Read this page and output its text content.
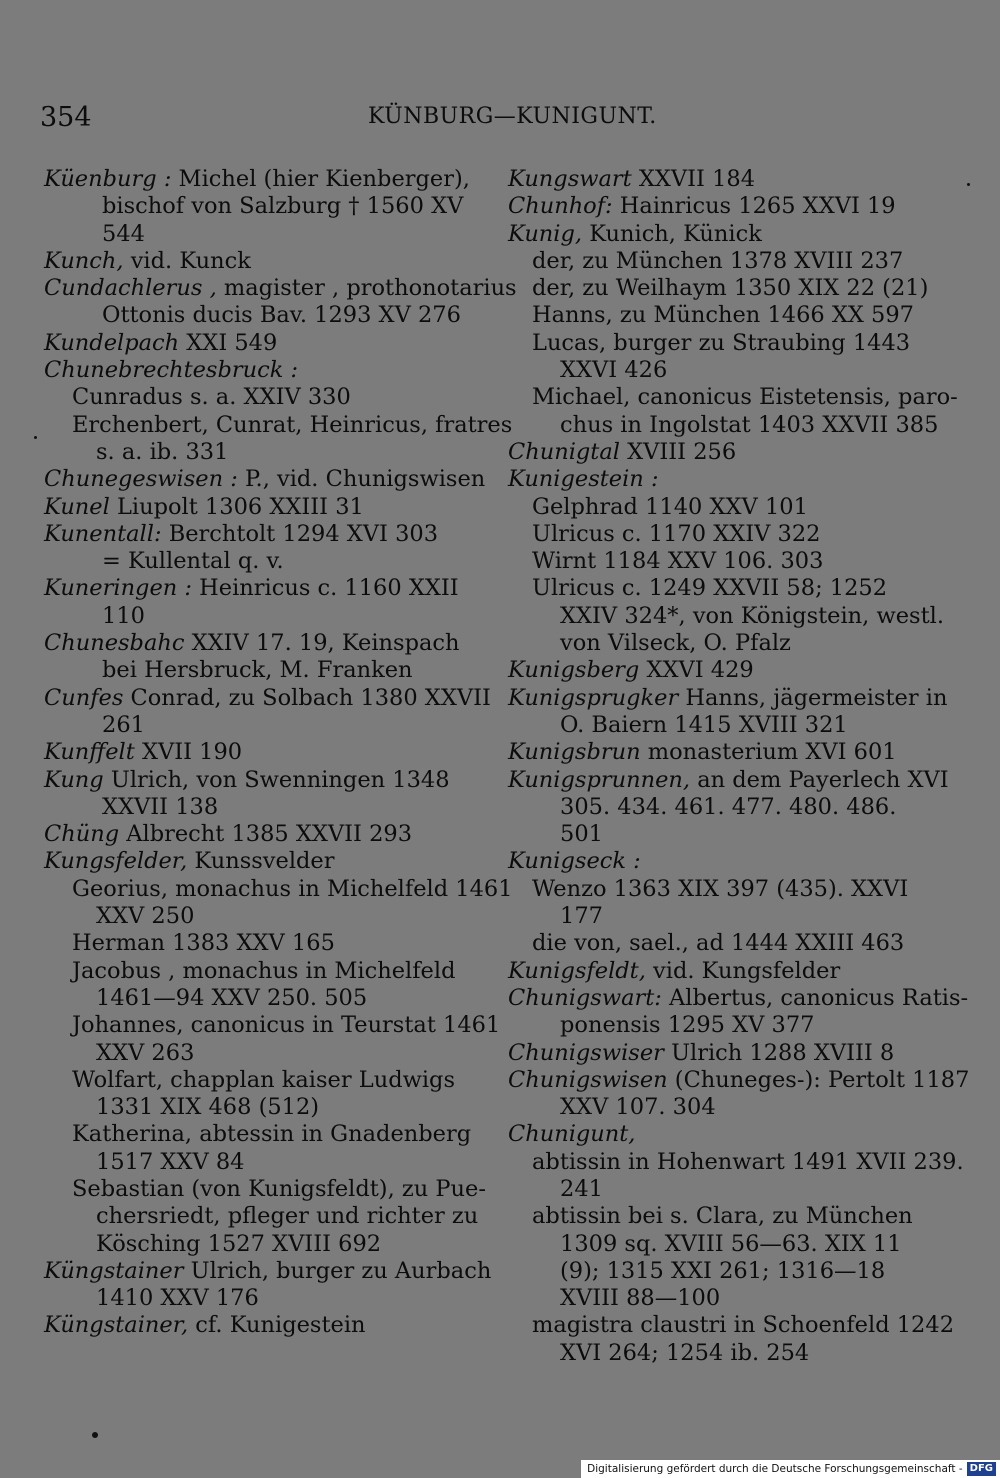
354	KÜNBURG—KUNIGUNT.
Küenburg : Michel (hier Kienberger),
bischof von Salzburg † 1560 XV
544
Kunch, vid. Kunck
Cundachlerus , magister , prothonotarius
Ottonis ducis Bav. 1293 XV 276
Kundelpach XXI 549
Chunebrechtesbruck :
Cunradus s. a. XXIV 330
Erchenbert, Cunrat, Heinricus, fratres
s. a. ib. 331
Chunegeswisen : P., vid. Chunigswisen
Kunel Liupolt 1306 XXIII 31
Kunentall: Berchtolt 1294 XVI 303
= Kullental q. v.
Kuneringen : Heinricus c. 1160 XXII
110
Chunesbahc XXIV 17. 19, Keinspach
bei Hersbruck, M. Franken
Cunfes Conrad, zu Solbach 1380 XXVII
261
Kunffelt XVII 190
Kung Ulrich, von Swenningen 1348
XXVII 138
Chüng Albrecht 1385 XXVII 293
Kungsfelder, Kunssvelder
Georius, monachus in Michelfeld 1461
XXV 250
Herman 1383 XXV 165
Jacobus , monachus in Michelfeld
1461—94 XXV 250. 505
Johannes, canonicus in Teurstat 1461
XXV 263
Wolfart, chapplan kaiser Ludwigs
1331 XIX 468 (512)
Katherina, abtessin in Gnadenberg
1517 XXV 84
Sebastian (von Kunigsfeldt), zu Pue-
chersriedt, pfleger und richter zu
Kösching 1527 XVIII 692
Küngstainer Ulrich, burger zu Aurbach
1410 XXV 176
Küngstainer, cf. Kunigestein
Kungswart XXVII 184
Chunhof: Hainricus 1265 XXVI 19
Kunig, Kunich, Künick
der, zu München 1378 XVIII 237
der, zu Weilhaym 1350 XIX 22 (21)
Hanns, zu München 1466 XX 597
Lucas, burger zu Straubing 1443
XXVI 426
Michael, canonicus Eistetensis, paro-
chus in Ingolstat 1403 XXVII 385
Chunigtal XVIII 256
Kunigestein :
Gelphrad 1140 XXV 101
Ulricus c. 1170 XXIV 322
Wirnt 1184 XXV 106. 303
Ulricus c. 1249 XXVII 58; 1252
XXIV 324*, von Königstein, westl.
von Vilseck, O. Pfalz
Kunigsberg XXVI 429
Kunigsprugker Hanns, jägermeister in
O. Baiern 1415 XVIII 321
Kunigsbrun monasterium XVI 601
Kunigsprunnen, an dem Payerlech XVI
305. 434. 461. 477. 480. 486.
501
Kunigseck :
Wenzo 1363 XIX 397 (435). XXVI
177
die von, sael., ad 1444 XXIII 463
Kunigsfeldt, vid. Kungsfelder
Chunigswart: Albertus, canonicus Ratis-
ponensis 1295 XV 377
Chunigswiser Ulrich 1288 XVIII 8
Chunigswisen (Chuneges-): Pertolt 1187
XXV 107. 304
Chunigunt,
abtissin in Hohenwart 1491 XVII 239.
241
abtissin bei s. Clara, zu München
1309 sq. XVIII 56—63. XIX 11
(9); 1315 XXI 261; 1316—18
XVIII 88—100
magistra claustri in Schoenfeld 1242
XVI 264; 1254 ib. 254
Digitalisierung gefördert durch die Deutsche Forschungsgemeinschaft - DFG
